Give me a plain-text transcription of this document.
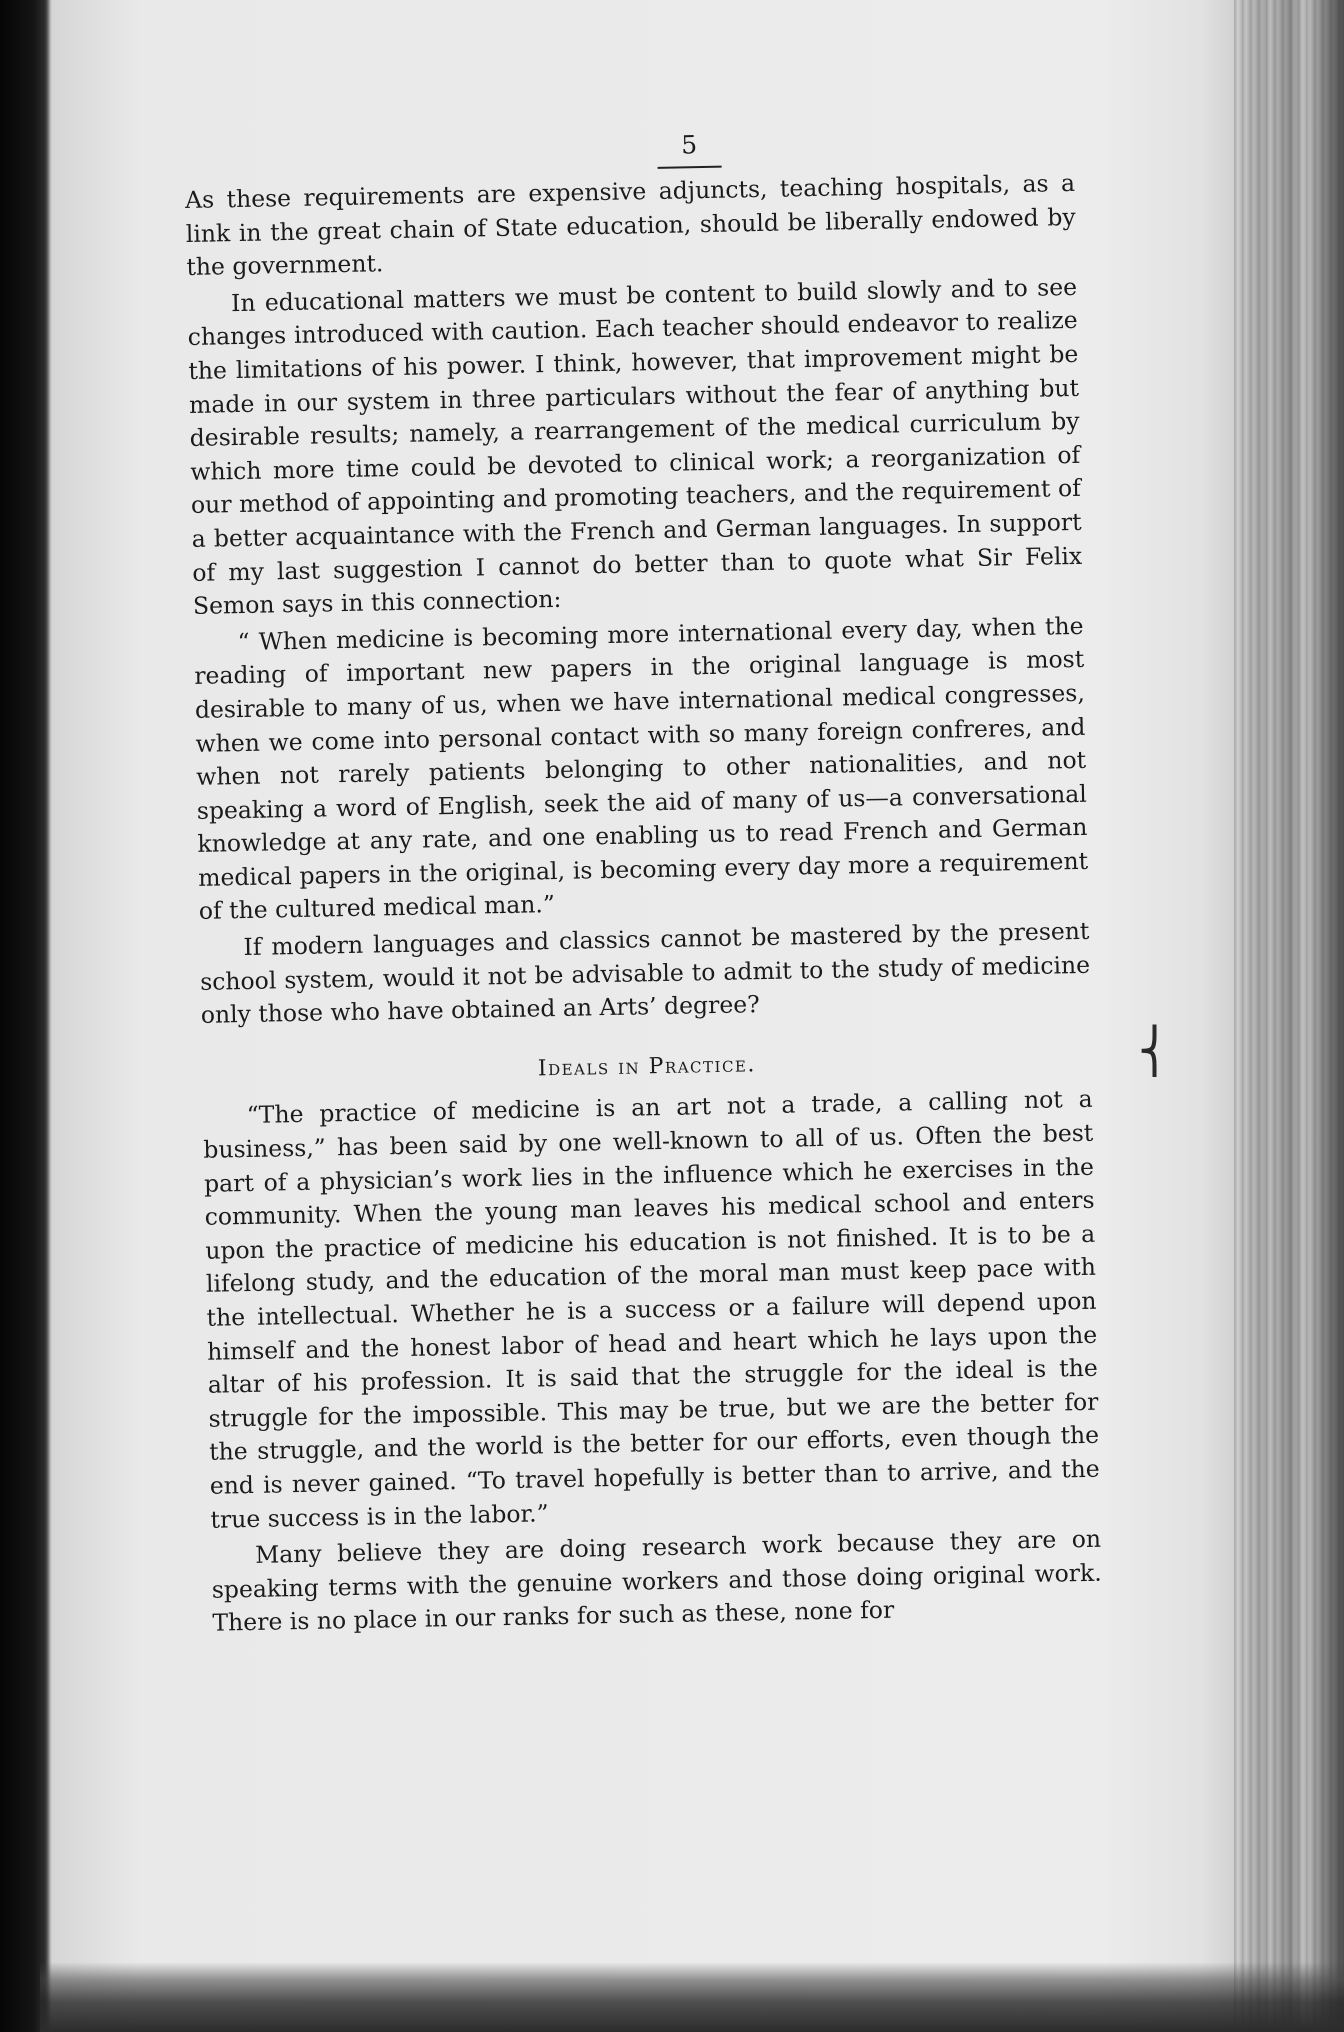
5

As these requirements are expensive adjuncts, teaching hospitals, as a link in the great chain of State education, should be liberally endowed by the government.

In educational matters we must be content to build slowly and to see changes introduced with caution. Each teacher should endeavor to realize the limitations of his power. I think, however, that improvement might be made in our system in three particulars without the fear of anything but desirable results; namely, a rearrangement of the medical curriculum by which more time could be devoted to clinical work; a reorganization of our method of appointing and promoting teachers, and the requirement of a better acquaintance with the French and German languages. In support of my last suggestion I cannot do better than to quote what Sir Felix Semon says in this connection:

“ When medicine is becoming more international every day, when the reading of important new papers in the original language is most desirable to many of us, when we have international medical congresses, when we come into personal contact with so many foreign confreres, and when not rarely patients belonging to other nationalities, and not speaking a word of English, seek the aid of many of us—a conversational knowledge at any rate, and one enabling us to read French and German medical papers in the original, is becoming every day more a requirement of the cultured medical man.”

If modern languages and classics cannot be mastered by the present school system, would it not be advisable to admit to the study of medicine only those who have obtained an Arts’ degree?

Ideals in Practice.

“The practice of medicine is an art not a trade, a calling not a business,” has been said by one well-known to all of us. Often the best part of a physician’s work lies in the influence which he exercises in the community. When the young man leaves his medical school and enters upon the practice of medicine his education is not finished. It is to be a lifelong study, and the education of the moral man must keep pace with the intellectual. Whether he is a success or a failure will depend upon himself and the honest labor of head and heart which he lays upon the altar of his profession. It is said that the struggle for the ideal is the struggle for the impossible. This may be true, but we are the better for the struggle, and the world is the better for our efforts, even though the end is never gained. “To travel hopefully is better than to arrive, and the true success is in the labor.”

Many believe they are doing research work because they are on speaking terms with the genuine workers and those doing original work. There is no place in our ranks for such as these, none for

⎨
